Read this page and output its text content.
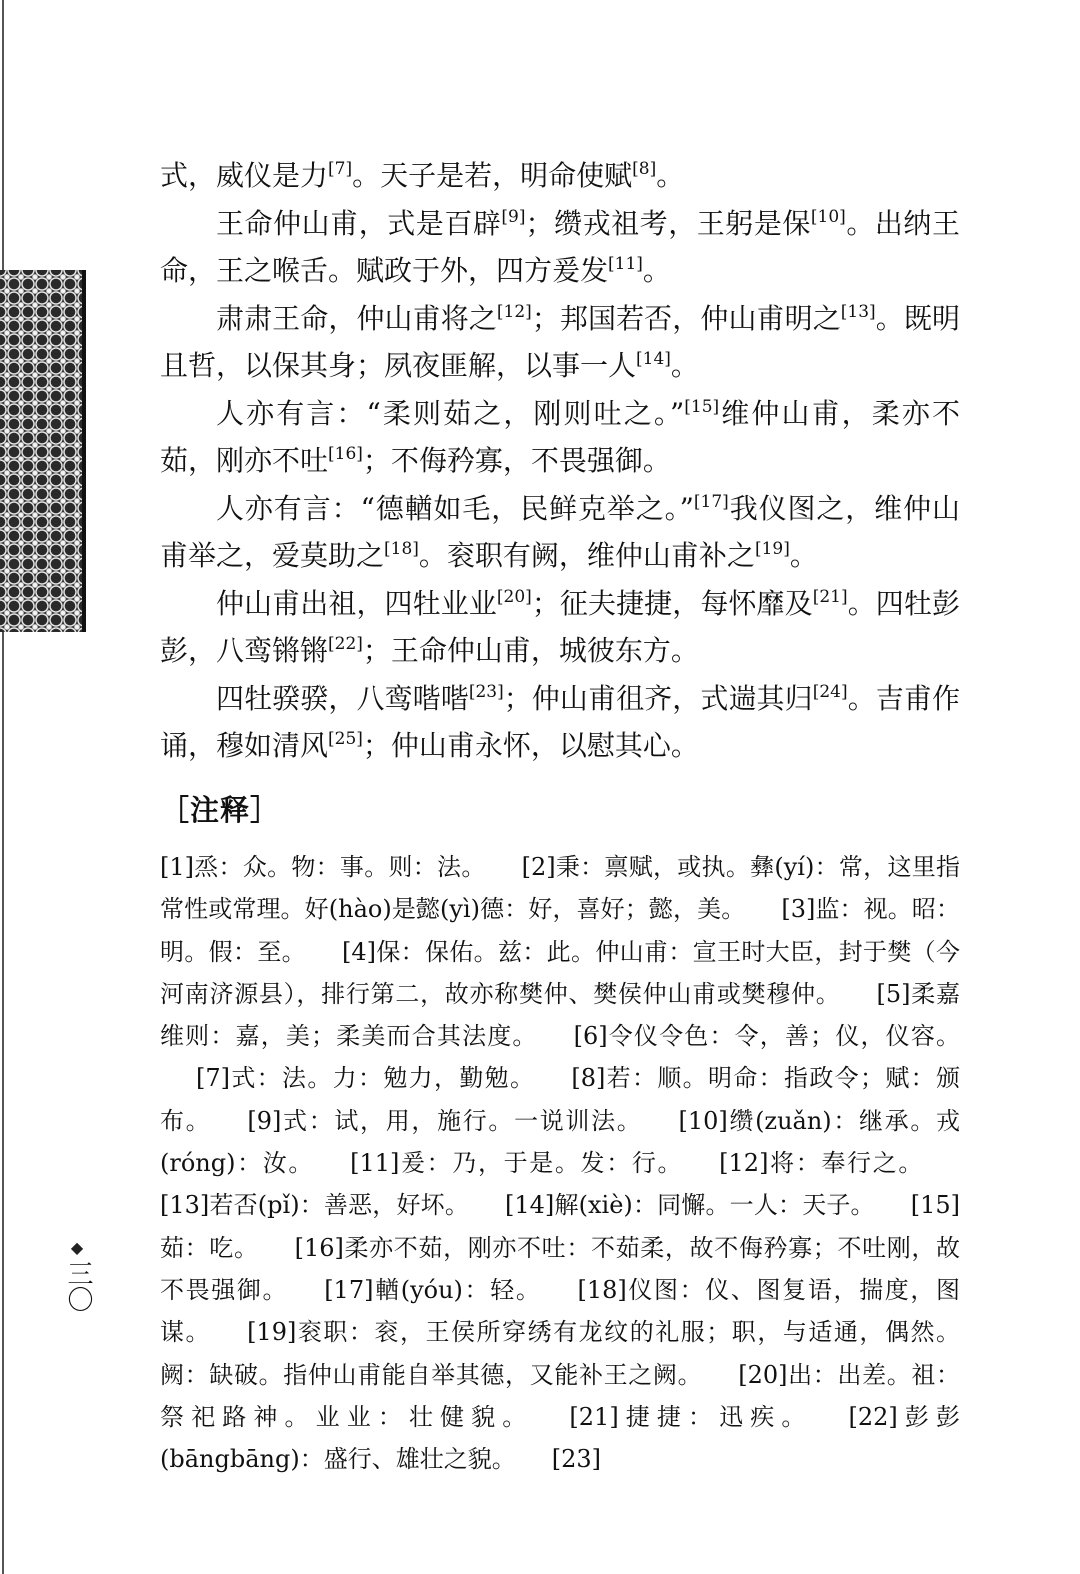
式，威仪是力[7]。天子是若，明命使赋[8]。

王命仲山甫，式是百辟[9]；缵戎祖考，王躬是保[10]。出纳王命，王之喉舌。赋政于外，四方爰发[11]。

肃肃王命，仲山甫将之[12]；邦国若否，仲山甫明之[13]。既明且哲，以保其身；夙夜匪解，以事一人[14]。

人亦有言：“柔则茹之，刚则吐之。”[15]维仲山甫，柔亦不茹，刚亦不吐[16]；不侮矜寡，不畏强御。

人亦有言：“德輶如毛，民鲜克举之。”[17]我仪图之，维仲山甫举之，爱莫助之[18]。衮职有阙，维仲山甫补之[19]。

仲山甫出祖，四牡业业[20]；征夫捷捷，每怀靡及[21]。四牡彭彭，八鸾锵锵[22]；王命仲山甫，城彼东方。

四牡骙骙，八鸾喈喈[23]；仲山甫徂齐，式遄其归[24]。吉甫作诵，穆如清风[25]；仲山甫永怀，以慰其心。

［注释］
[1]烝：众。物：事。则：法。 [2]秉：禀赋，或执。彝(yí)：常，这里指常性或常理。好(hào)是懿(yì)德：好，喜好；懿，美。 [3]监：视。昭：明。假：至。 [4]保：保佑。兹：此。仲山甫：宣王时大臣，封于樊（今河南济源县），排行第二，故亦称樊仲、樊侯仲山甫或樊穆仲。 [5]柔嘉维则：嘉，美；柔美而合其法度。 [6]令仪令色：令，善；仪，仪容。[7]式：法。力：勉力，勤勉。 [8]若：顺。明命：指政令；赋：颁布。 [9]式：试，用，施行。一说训法。 [10]缵(zuǎn)：继承。戎(róng)：汝。 [11]爰：乃，于是。发：行。 [12]将：奉行之。[13]若否(pǐ)：善恶，好坏。 [14]解(xiè)：同懈。一人：天子。 [15]茹：吃。 [16]柔亦不茹，刚亦不吐：不茹柔，故不侮矜寡；不吐刚，故不畏强御。 [17]輶(yóu)：轻。 [18]仪图：仪、图复语，揣度，图谋。 [19]衮职：衮，王侯所穿绣有龙纹的礼服；职，与适通，偶然。阙：缺破。指仲山甫能自举其德，又能补王之阙。 [20]出：出差。祖：祭祀路神。业业：壮健貌。 [21]捷捷：迅疾。 [22]彭彭(bāngbāng)：盛行、雄壮之貌。 [23]
◆
三〇
